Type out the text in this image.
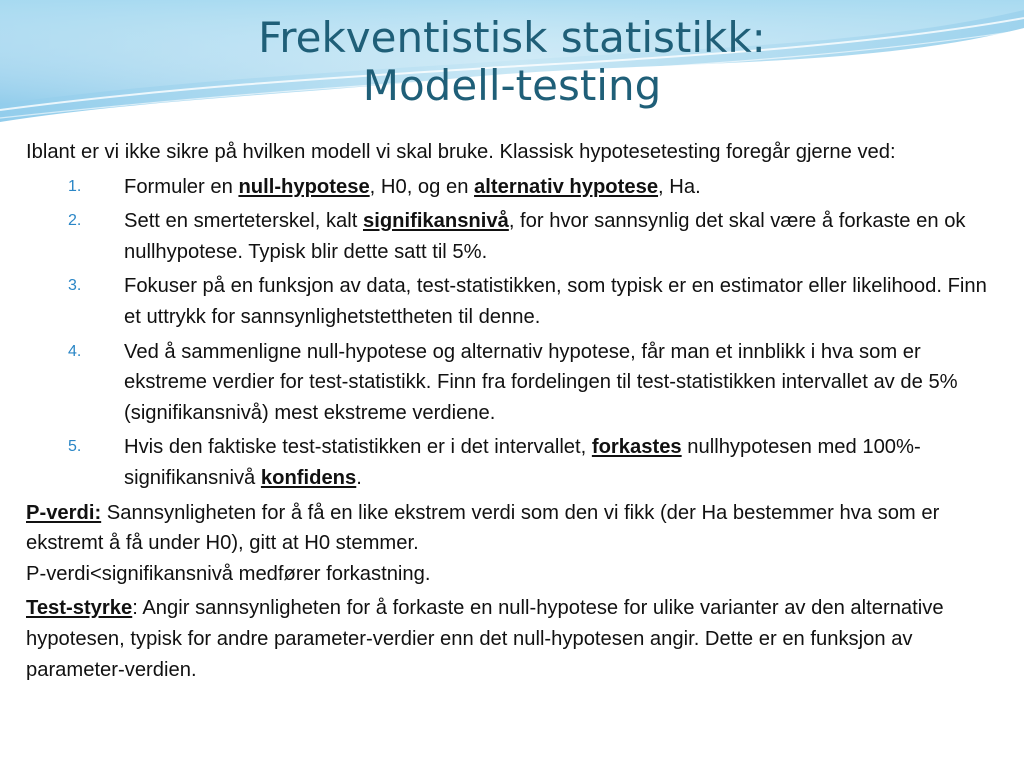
Frekventistisk statistikk:
Modell-testing

Iblant er vi ikke sikre på hvilken modell vi skal bruke. Klassisk hypotesetesting foregår gjerne ved:

1. Formuler en null-hypotese, H0, og en alternativ hypotese, Ha.
2. Sett en smerteterskel, kalt signifikansnivå, for hvor sannsynlig det skal være å forkaste en ok nullhypotese. Typisk blir dette satt til 5%.
3. Fokuser på en funksjon av data, test-statistikken, som typisk er en estimator eller likelihood. Finn et uttrykk for sannsynlighetstettheten til denne.
4. Ved å sammenligne null-hypotese og alternativ hypotese, får man et innblikk i hva som er ekstreme verdier for test-statistikk. Finn fra fordelingen til test-statistikken intervallet av de 5% (signifikansnivå) mest ekstreme verdiene.
5. Hvis den faktiske test-statistikken er i det intervallet, forkastes nullhypotesen med 100%-signifikansnivå konfidens.

P-verdi: Sannsynligheten for å få en like ekstrem verdi som den vi fikk (der Ha bestemmer hva som er ekstremt å få under H0), gitt at H0 stemmer.
P-verdi<signifikansnivå medfører forkastning.

Test-styrke: Angir sannsynligheten for å forkaste en null-hypotese for ulike varianter av den alternative hypotesen, typisk for andre parameter-verdier enn det null-hypotesen angir. Dette er en funksjon av parameter-verdien.
